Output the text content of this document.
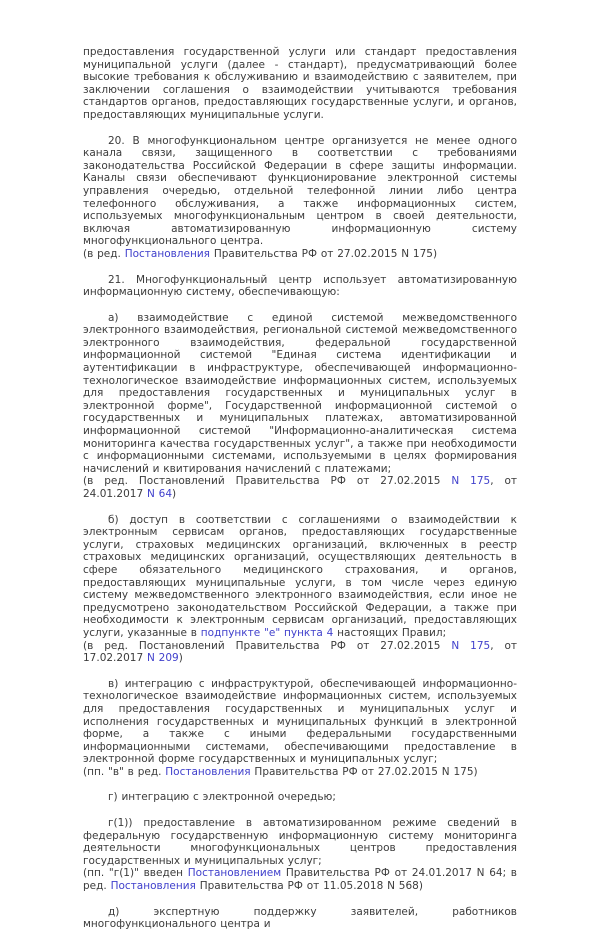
предоставления государственной услуги или стандарт предоставления муниципальной услуги (далее - стандарт), предусматривающий более высокие требования к обслуживанию и взаимодействию с заявителем, при заключении соглашения о взаимодействии учитываются требования стандартов органов, предоставляющих государственные услуги, и органов, предоставляющих муниципальные услуги.

20. В многофункциональном центре организуется не менее одного канала связи, защищенного в соответствии с требованиями законодательства Российской Федерации в сфере защиты информации. Каналы связи обеспечивают функционирование электронной системы управления очередью, отдельной телефонной линии либо центра телефонного обслуживания, а также информационных систем, используемых многофункциональным центром в своей деятельности, включая автоматизированную информационную систему многофункционального центра.

(в ред. Постановления Правительства РФ от 27.02.2015 N 175)

21. Многофункциональный центр использует автоматизированную информационную систему, обеспечивающую:

а) взаимодействие с единой системой межведомственного электронного взаимодействия, региональной системой межведомственного электронного взаимодействия, федеральной государственной информационной системой "Единая система идентификации и аутентификации в инфраструктуре, обеспечивающей информационно-технологическое взаимодействие информационных систем, используемых для предоставления государственных и муниципальных услуг в электронной форме", Государственной информационной системой о государственных и муниципальных платежах, автоматизированной информационной системой "Информационно-аналитическая система мониторинга качества государственных услуг", а также при необходимости с информационными системами, используемыми в целях формирования начислений и квитирования начислений с платежами;

(в ред. Постановлений Правительства РФ от 27.02.2015 N 175, от 24.01.2017 N 64)

б) доступ в соответствии с соглашениями о взаимодействии к электронным сервисам органов, предоставляющих государственные услуги, страховых медицинских организаций, включенных в реестр страховых медицинских организаций, осуществляющих деятельность в сфере обязательного медицинского страхования, и органов, предоставляющих муниципальные услуги, в том числе через единую систему межведомственного электронного взаимодействия, если иное не предусмотрено законодательством Российской Федерации, а также при необходимости к электронным сервисам организаций, предоставляющих услуги, указанные в подпункте "е" пункта 4 настоящих Правил;

(в ред. Постановлений Правительства РФ от 27.02.2015 N 175, от 17.02.2017 N 209)

в) интеграцию с инфраструктурой, обеспечивающей информационно-технологическое взаимодействие информационных систем, используемых для предоставления государственных и муниципальных услуг и исполнения государственных и муниципальных функций в электронной форме, а также с иными федеральными государственными информационными системами, обеспечивающими предоставление в электронной форме государственных и муниципальных услуг;

(пп. "в" в ред. Постановления Правительства РФ от 27.02.2015 N 175)

г) интеграцию с электронной очередью;

г(1)) предоставление в автоматизированном режиме сведений в федеральную государственную информационную систему мониторинга деятельности многофункциональных центров предоставления государственных и муниципальных услуг;

(пп. "г(1)" введен Постановлением Правительства РФ от 24.01.2017 N 64; в ред. Постановления Правительства РФ от 11.05.2018 N 568)

д) экспертную поддержку заявителей, работников многофункционального центра и
